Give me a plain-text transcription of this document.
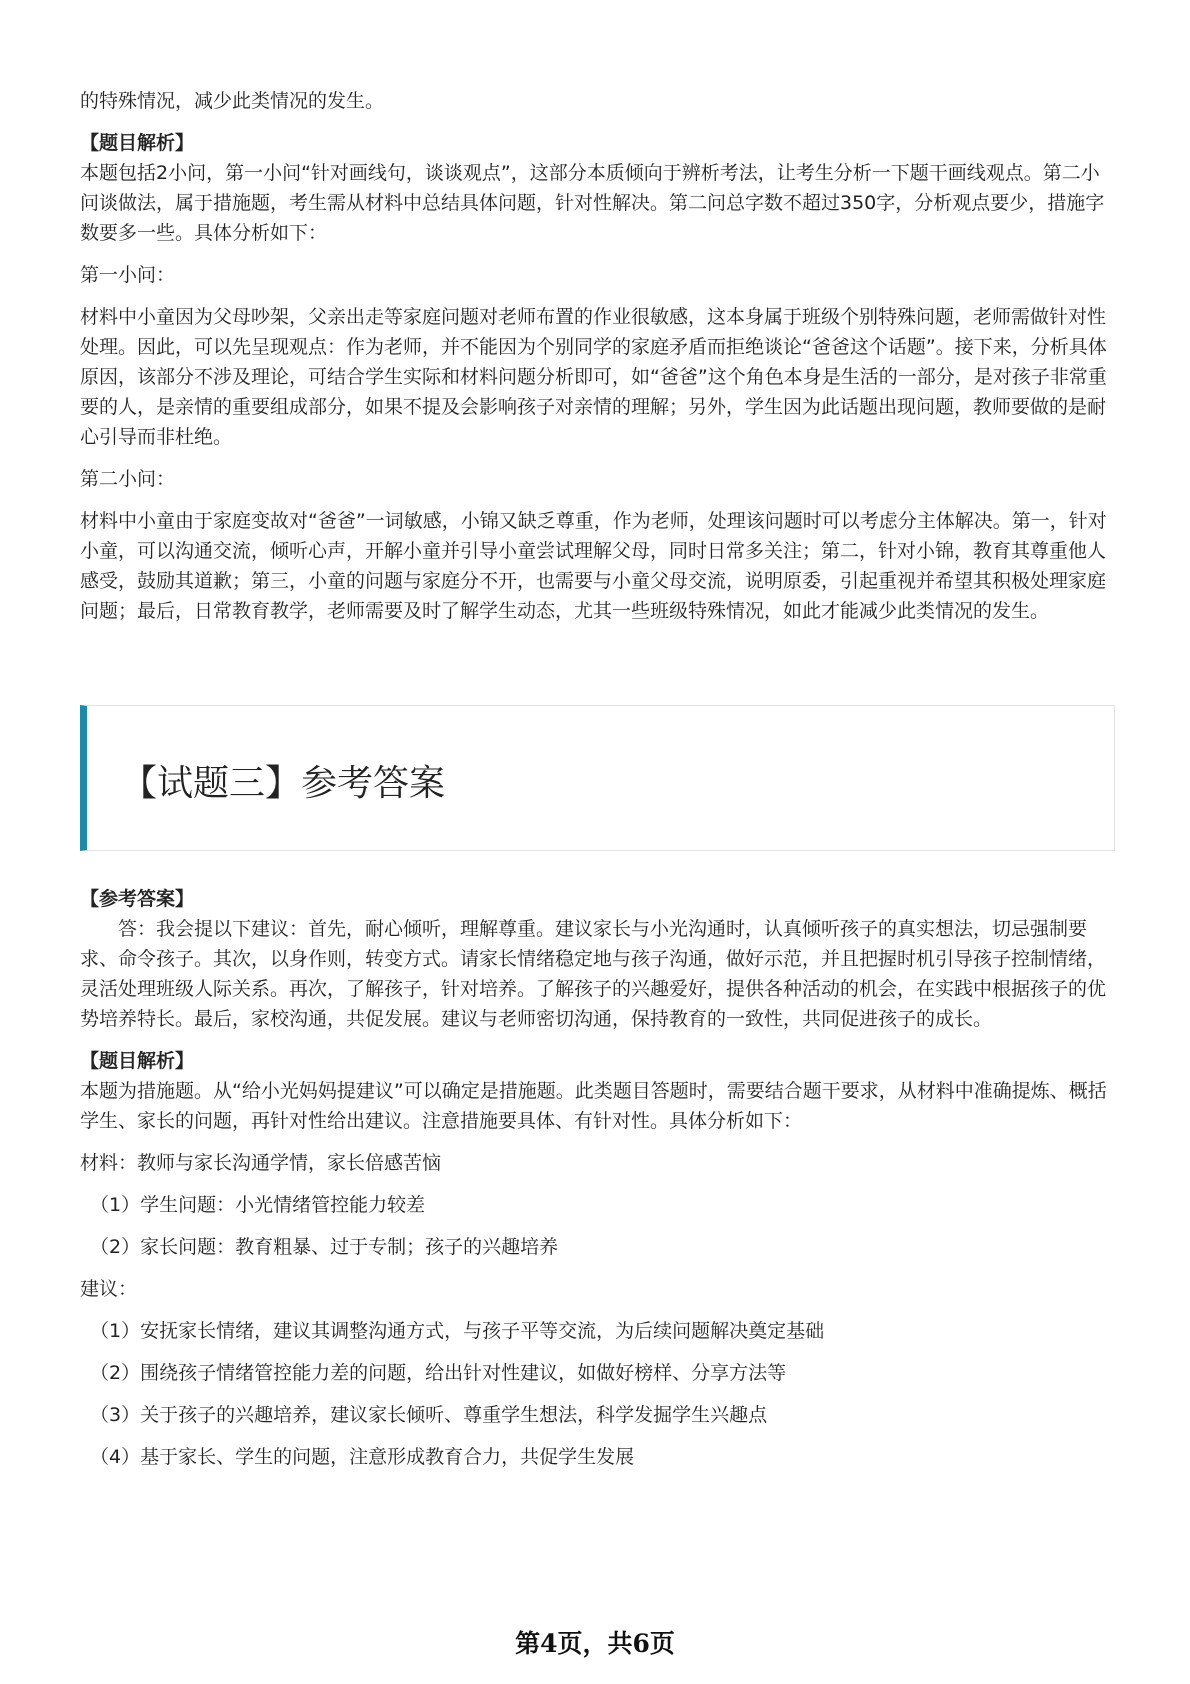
的特殊情况，减少此类情况的发生。

【题目解析】

本题包括2小问，第一小问“针对画线句，谈谈观点”，这部分本质倾向于辨析考法，让考生分析一下题干画线观点。第二小问谈做法，属于措施题，考生需从材料中总结具体问题，针对性解决。第二问总字数不超过350字，分析观点要少，措施字数要多一些。具体分析如下：

第一小问：

材料中小童因为父母吵架，父亲出走等家庭问题对老师布置的作业很敏感，这本身属于班级个别特殊问题，老师需做针对性处理。因此，可以先呈现观点：作为老师，并不能因为个别同学的家庭矛盾而拒绝谈论“爸爸这个话题”。接下来，分析具体原因，该部分不涉及理论，可结合学生实际和材料问题分析即可，如“爸爸”这个角色本身是生活的一部分，是对孩子非常重要的人，是亲情的重要组成部分，如果不提及会影响孩子对亲情的理解；另外，学生因为此话题出现问题，教师要做的是耐心引导而非杜绝。

第二小问：

材料中小童由于家庭变故对“爸爸”一词敏感，小锦又缺乏尊重，作为老师，处理该问题时可以考虑分主体解决。第一，针对小童，可以沟通交流，倾听心声，开解小童并引导小童尝试理解父母，同时日常多关注；第二，针对小锦，教育其尊重他人感受，鼓励其道歉；第三，小童的问题与家庭分不开，也需要与小童父母交流，说明原委，引起重视并希望其积极处理家庭问题；最后，日常教育教学，老师需要及时了解学生动态，尤其一些班级特殊情况，如此才能减少此类情况的发生。

【试题三】参考答案

【参考答案】

答：我会提以下建议：首先，耐心倾听，理解尊重。建议家长与小光沟通时，认真倾听孩子的真实想法，切忌强制要求、命令孩子。其次，以身作则，转变方式。请家长情绪稳定地与孩子沟通，做好示范，并且把握时机引导孩子控制情绪，灵活处理班级人际关系。再次，了解孩子，针对培养。了解孩子的兴趣爱好，提供各种活动的机会，在实践中根据孩子的优势培养特长。最后，家校沟通，共促发展。建议与老师密切沟通，保持教育的一致性，共同促进孩子的成长。

【题目解析】

本题为措施题。从“给小光妈妈提建议”可以确定是措施题。此类题目答题时，需要结合题干要求，从材料中准确提炼、概括学生、家长的问题，再针对性给出建议。注意措施要具体、有针对性。具体分析如下：

材料：教师与家长沟通学情，家长倍感苦恼

（1）学生问题：小光情绪管控能力较差

（2）家长问题：教育粗暴、过于专制；孩子的兴趣培养

建议：

（1）安抚家长情绪，建议其调整沟通方式，与孩子平等交流，为后续问题解决奠定基础

（2）围绕孩子情绪管控能力差的问题，给出针对性建议，如做好榜样、分享方法等

（3）关于孩子的兴趣培养，建议家长倾听、尊重学生想法，科学发掘学生兴趣点

（4）基于家长、学生的问题，注意形成教育合力，共促学生发展

第4页，共6页
